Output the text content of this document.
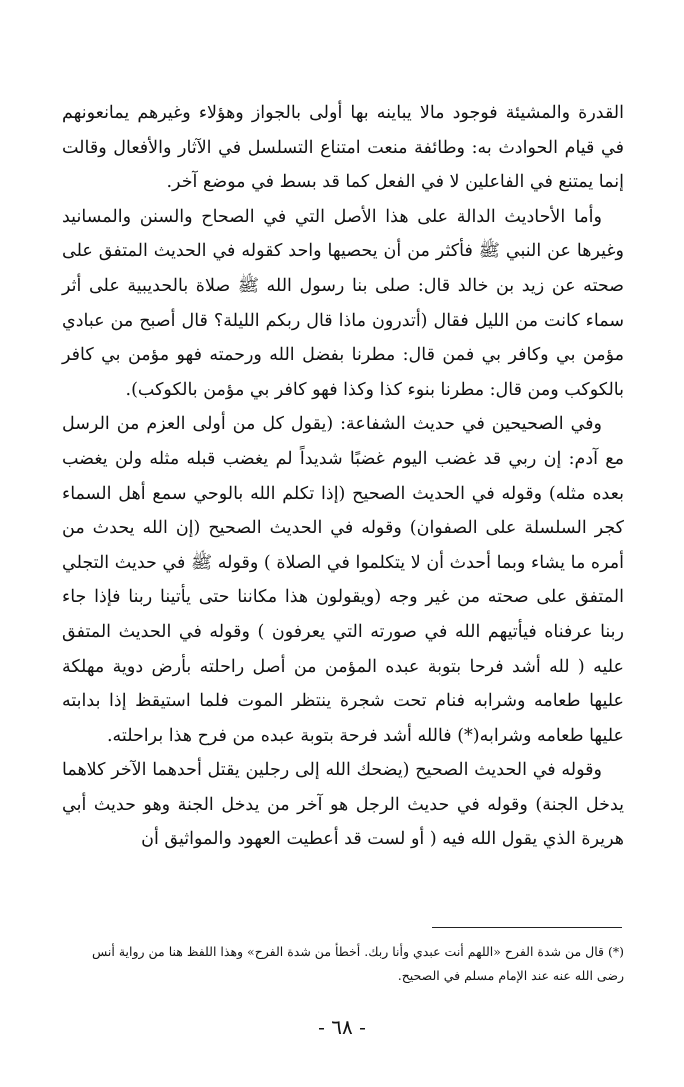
القدرة والمشيئة فوجود مالا يباينه بها أولى بالجواز وهؤلاء وغيرهم يمانعونهم في قيام الحوادث به: وطائفة منعت امتناع التسلسل في الآثار والأفعال وقالت إنما يمتنع في الفاعلين لا في الفعل كما قد بسط في موضع آخر.

وأما الأحاديث الدالة على هذا الأصل التي في الصحاح والسنن والمسانيد وغيرها عن النبي ﷺ فأكثر من أن يحصيها واحد كقوله في الحديث المتفق على صحته عن زيد بن خالد قال: صلى بنا رسول الله ﷺ صلاة بالحديبية على أثر سماء كانت من الليل فقال (أتدرون ماذا قال ربكم الليلة؟ قال أصبح من عبادي مؤمن بي وكافر بي فمن قال: مطرنا بفضل الله ورحمته فهو مؤمن بي كافر بالكوكب ومن قال: مطرنا بنوء كذا وكذا فهو كافر بي مؤمن بالكوكب).

وفي الصحيحين في حديث الشفاعة: (يقول كل من أولى العزم من الرسل مع آدم: إن ربي قد غضب اليوم غضبًا شديداً لم يغضب قبله مثله ولن يغضب بعده مثله) وقوله في الحديث الصحيح (إذا تكلم الله بالوحي سمع أهل السماء كجر السلسلة على الصفوان) وقوله في الحديث الصحيح (إن الله يحدث من أمره ما يشاء وبما أحدث أن لا يتكلموا في الصلاة ) وقوله ﷺ في حديث التجلي المتفق على صحته من غير وجه (ويقولون هذا مكاننا حتى يأتينا ربنا فإذا جاء ربنا عرفناه فيأتيهم الله في صورته التي يعرفون ) وقوله في الحديث المتفق عليه ( لله أشد فرحا بتوبة عبده المؤمن من أصل راحلته بأرض دوية مهلكة عليها طعامه وشرابه فنام تحت شجرة ينتظر الموت فلما استيقظ إذا بدابته عليها طعامه وشرابه(*) فالله أشد فرحة بتوبة عبده من فرح هذا براحلته.

وقوله في الحديث الصحيح (يضحك الله إلى رجلين يقتل أحدهما الآخر كلاهما يدخل الجنة) وقوله في حديث الرجل هو آخر من يدخل الجنة وهو حديث أبي هريرة الذي يقول الله فيه ( أو لست قد أعطيت العهود والمواثيق أن

(*) قال من شدة الفرح «اللهم أنت عبدي وأنا ربك. أخطأ من شدة الفرح» وهذا اللفظ هنا من رواية أنس رضى الله عنه عند الإمام مسلم في الصحيح.
- ٦٨ -
